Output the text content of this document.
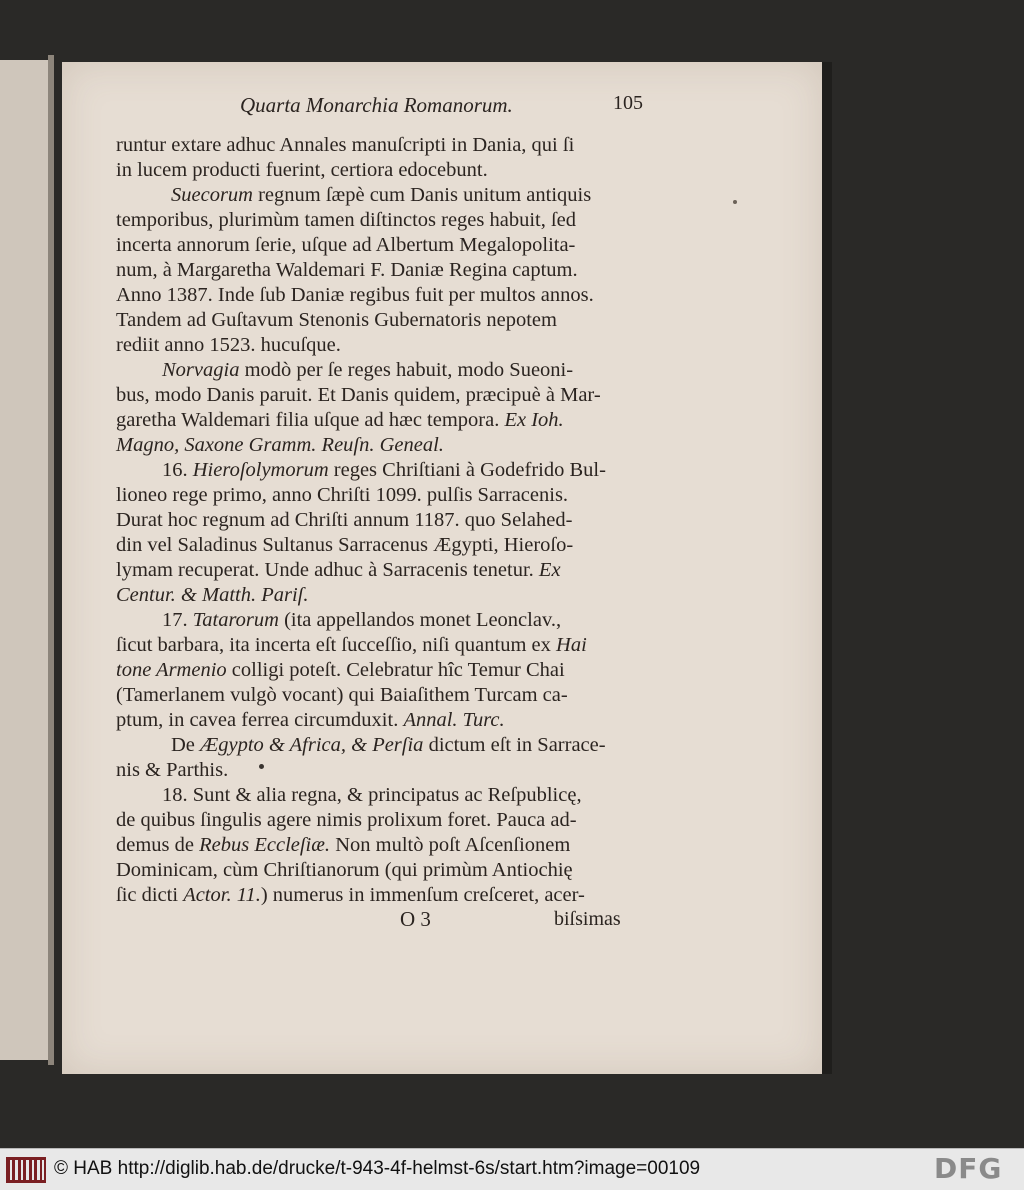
Quarta Monarchia Romanorum.	105
runtur extare adhuc Annales manuſcripti in Dania, qui ſi
in lucem producti fuerint, certiora edocebunt.
Suecorum regnum ſæpè cum Danis unitum antiquis
temporibus, plurimùm tamen diſtinctos reges habuit, ſed
incerta annorum ſerie, uſque ad Albertum Megalopolita-
num, à Margaretha Waldemari F. Daniæ Regina captum.
Anno 1387. Inde ſub Daniæ regibus fuit per multos annos.
Tandem ad Guſtavum Stenonis Gubernatoris nepotem
rediit anno 1523. hucuſque.
Norvagia modò per ſe reges habuit, modo Sueoni-
bus, modo Danis paruit. Et Danis quidem, præcipuè à Mar-
garetha Waldemari filia uſque ad hæc tempora. Ex Ioh.
Magno, Saxone Gramm. Reuſn. Geneal.
16. Hieroſolymorum reges Chriſtiani à Godefrido Bul-
lioneo rege primo, anno Chriſti 1099. pulſis Sarracenis.
Durat hoc regnum ad Chriſti annum 1187. quo Selahed-
din vel Saladinus Sultanus Sarracenus Ægypti, Hieroſo-
lymam recuperat. Unde adhuc à Sarracenis tenetur. Ex
Centur. & Matth. Pariſ.
17. Tatarorum (ita appellandos monet Leonclav.,
ſicut barbara, ita incerta eſt ſucceſſio, niſi quantum ex Hai
tone Armenio colligi poteſt. Celebratur hîc Temur Chai
(Tamerlanem vulgò vocant) qui Baiaſithem Turcam ca-
ptum, in cavea ferrea circumduxit. Annal. Turc.
De Ægypto & Africa, & Perſia dictum eſt in Sarrace-
nis & Parthis.
18. Sunt & alia regna, & principatus ac Reſpublicę,
de quibus ſingulis agere nimis prolixum foret. Pauca ad-
demus de Rebus Eccleſiæ. Non multò poſt Aſcenſionem
Dominicam, cùm Chriſtianorum (qui primùm Antiochię
ſic dicti Actor. 11.) numerus in immenſum creſceret, acer-
O 3	biſsimas
© HAB http://diglib.hab.de/drucke/t-943-4f-helmst-6s/start.htm?image=00109	DFG
